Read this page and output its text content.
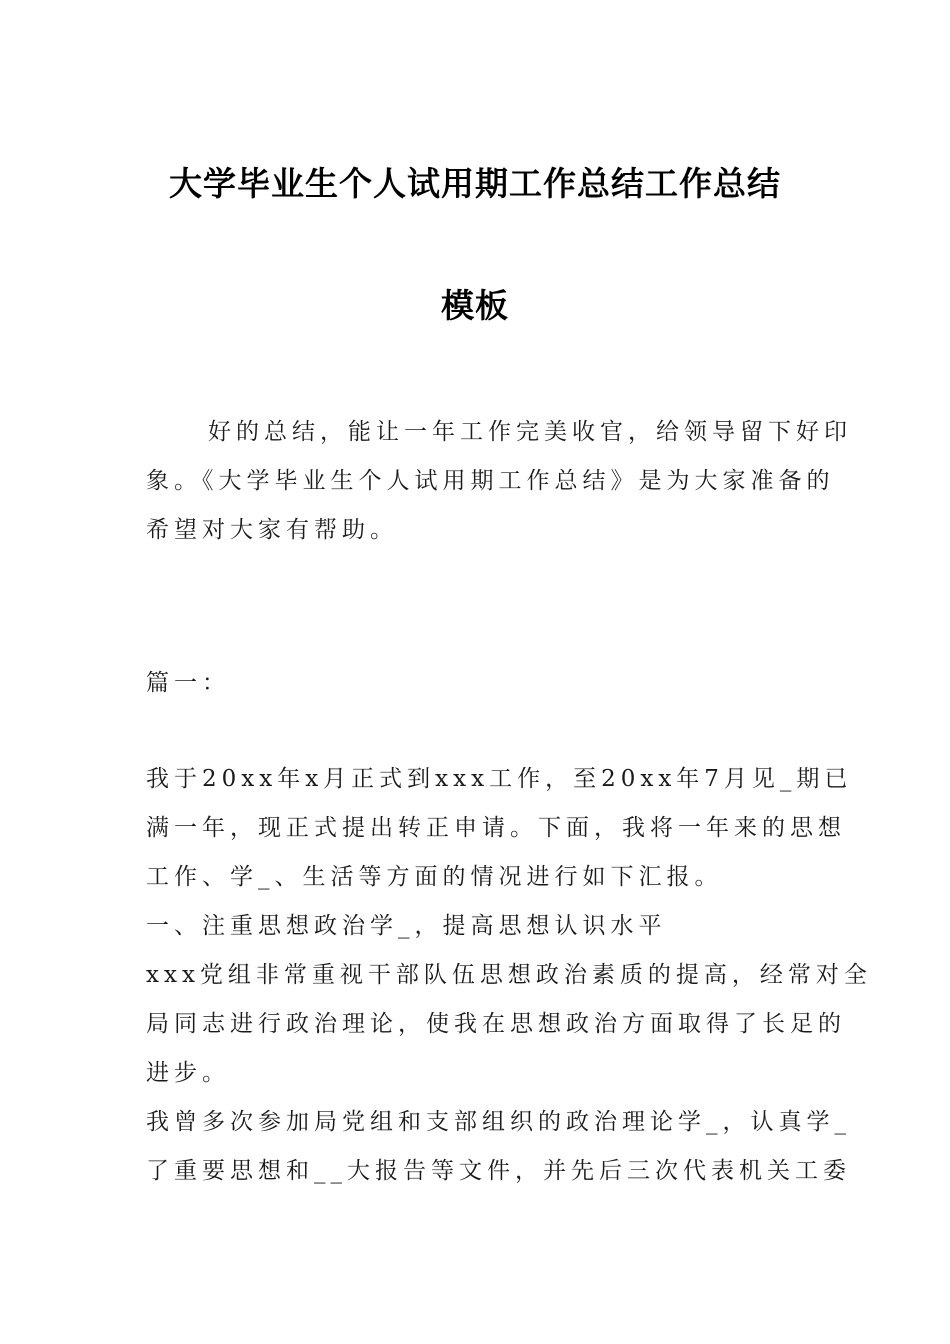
大学毕业生个人试用期工作总结工作总结
模板
好的总结，能让一年工作完美收官，给领导留下好印
象。《大学毕业生个人试用期工作总结》是为大家准备的
希望对大家有帮助。
篇一：
我于20xx年x月正式到xxx工作，至20xx年7月见_期已
满一年，现正式提出转正申请。下面，我将一年来的思想
工作、学_、生活等方面的情况进行如下汇报。
一、注重思想政治学_，提高思想认识水平
xxx党组非常重视干部队伍思想政治素质的提高，经常对全
局同志进行政治理论，使我在思想政治方面取得了长足的
进步。
我曾多次参加局党组和支部组织的政治理论学_，认真学_
了重要思想和__大报告等文件，并先后三次代表机关工委
